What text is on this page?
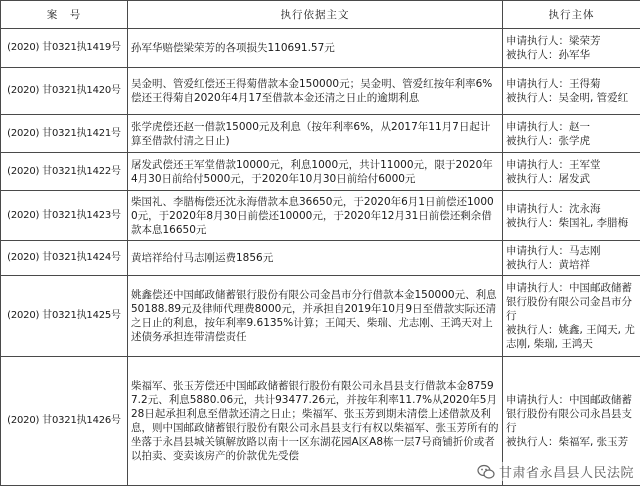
案　号	执行依据主文	执行主体
(2020) 甘0321执1419号	孙军华赔偿梁荣芳的各项损失110691.57元	申请执行人：梁荣芳
被执行人：孙军华

(2020) 甘0321执1420号	吴金明、管爱红偿还王得菊借款本金150000元；吴金明、管爱红按年利率6%偿还王得菊自2020年4月17至借款本金还清之日止的逾期利息	申请执行人：王得菊
被执行人：吴金明, 管爱红

(2020) 甘0321执1421号	张学虎偿还赵一借款15000元及利息（按年利率6%，从2017年11月7日起计算至借款付清之日止)	申请执行人：赵一
被执行人：张学虎

(2020) 甘0321执1422号	屠发武偿还王军堂借款10000元，利息1000元，共计11000元，限于2020年4月30日前给付5000元，于2020年10月30日前给付6000元	申请执行人：王军堂
被执行人：屠发武

(2020) 甘0321执1423号	柴国礼、李腊梅偿还沈永海借款本息36650元，于2020年6月1日前偿还10000元，于2020年8月30日前偿还10000元，于2020年12月31日前偿还剩余借款本息16650元	申请执行人：沈永海
被执行人：柴国礼, 李腊梅

(2020) 甘0321执1424号	黄培祥给付马志刚运费1856元	申请执行人：马志刚
被执行人：黄培祥

(2020) 甘0321执1425号	姚鑫偿还中国邮政储蓄银行股份有限公司金昌市分行借款本金150000元、利息50188.89元及律师代理费8000元，并承担自2019年10月9日至借款实际还清之日止的利息，按年利率9.6135%计算；王闻天、柴瑞、尤志刚、王鸿天对上述债务承担连带清偿责任	申请执行人：中国邮政储蓄银行股份有限公司金昌市分行
被执行人：姚鑫, 王闻天, 尤志刚, 柴瑞, 王鸿天

(2020) 甘0321执1426号	柴福军、张玉芳偿还中国邮政储蓄银行股份有限公司永昌县支行借款本金87597.2元、利息5880.06元，共计93477.26元，并按年利率11.7%从2020年5月28日起承担利息至借款还清之日止；柴福军、张玉芳到期未清偿上述借款及利息，则中国邮政储蓄银行股份有限公司永昌县支行有权以柴福军、张玉芳所有的坐落于永昌县城关镇解放路以南十一区东湖花园A区A8栋一层7号商铺折价或者以拍卖、变卖该房产的价款优先受偿	申请执行人：中国邮政储蓄银行股份有限公司永昌县支行
被执行人：柴福军, 张玉芳
甘肃省永昌县人民法院
